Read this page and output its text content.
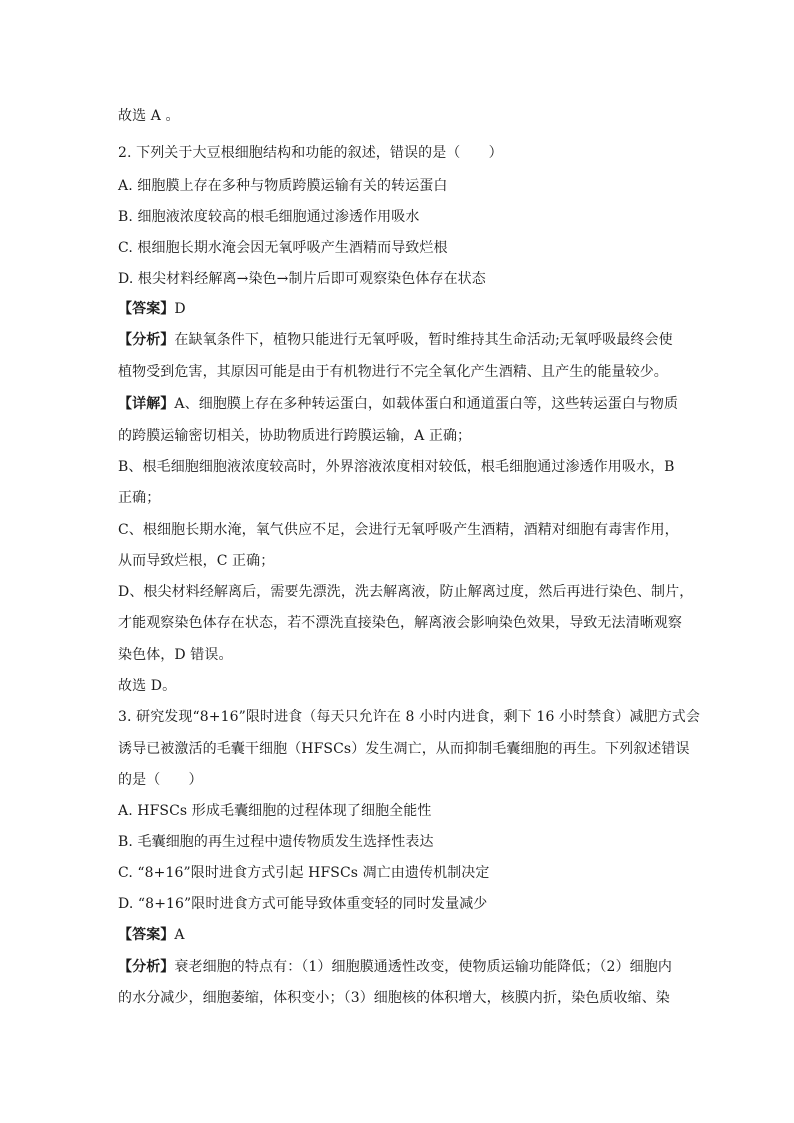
故选 A 。
2. 下列关于大豆根细胞结构和功能的叙述，错误的是（　　）
A. 细胞膜上存在多种与物质跨膜运输有关的转运蛋白
B. 细胞液浓度较高的根毛细胞通过渗透作用吸水
C. 根细胞长期水淹会因无氧呼吸产生酒精而导致烂根
D. 根尖材料经解离→染色→制片后即可观察染色体存在状态
【答案】D
【分析】在缺氧条件下，植物只能进行无氧呼吸，暂时维持其生命活动;无氧呼吸最终会使
植物受到危害，其原因可能是由于有机物进行不完全氧化产生酒精、且产生的能量较少。
【详解】A、细胞膜上存在多种转运蛋白，如载体蛋白和通道蛋白等，这些转运蛋白与物质
的跨膜运输密切相关，协助物质进行跨膜运输，A 正确；
B、根毛细胞细胞液浓度较高时，外界溶液浓度相对较低，根毛细胞通过渗透作用吸水，B
正确；
C、根细胞长期水淹，氧气供应不足，会进行无氧呼吸产生酒精，酒精对细胞有毒害作用，
从而导致烂根，C 正确；
D、根尖材料经解离后，需要先漂洗，洗去解离液，防止解离过度，然后再进行染色、制片，
才能观察染色体存在状态，若不漂洗直接染色，解离液会影响染色效果，导致无法清晰观察
染色体，D 错误。
故选 D。
3. 研究发现“8+16”限时进食（每天只允许在 8 小时内进食，剩下 16 小时禁食）减肥方式会
诱导已被激活的毛囊干细胞（HFSCs）发生凋亡，从而抑制毛囊细胞的再生。下列叙述错误
的是（　　）
A. HFSCs 形成毛囊细胞的过程体现了细胞全能性
B. 毛囊细胞的再生过程中遗传物质发生选择性表达
C. “8+16”限时进食方式引起 HFSCs 凋亡由遗传机制决定
D. “8+16”限时进食方式可能导致体重变轻的同时发量减少
【答案】A
【分析】衰老细胞的特点有：（1）细胞膜通透性改变，使物质运输功能降低；（2）细胞内
的水分减少，细胞萎缩，体积变小；（3）细胞核的体积增大，核膜内折，染色质收缩、染
